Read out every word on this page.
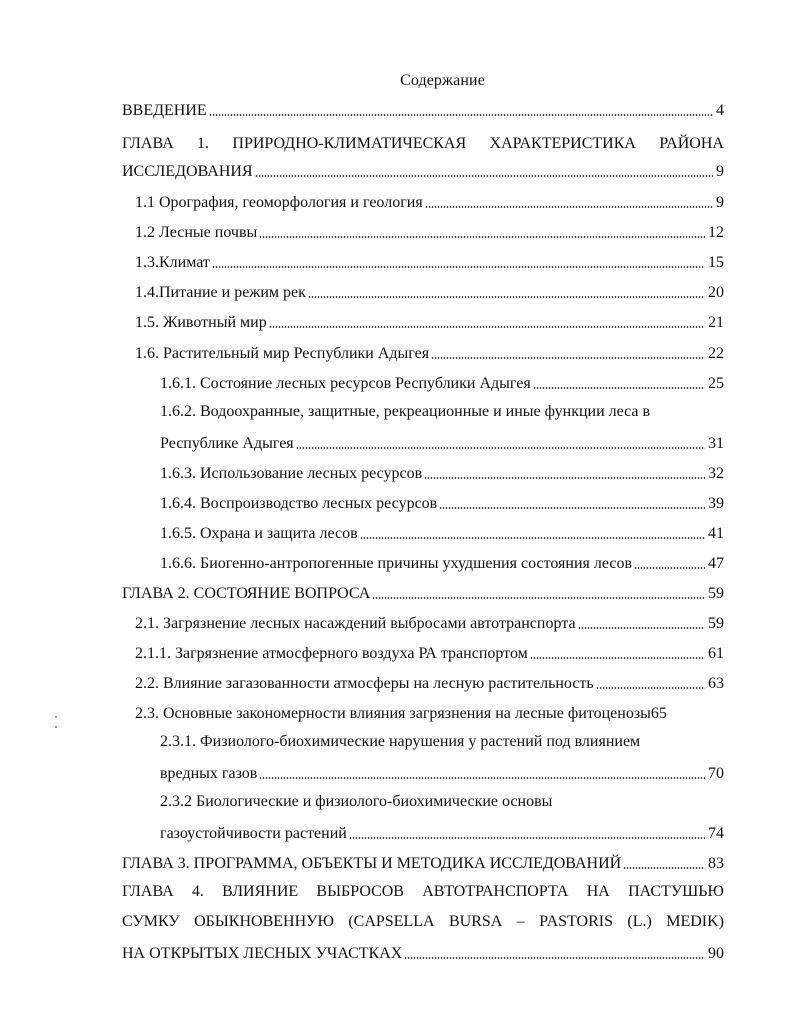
Содержание
ВВЕДЕНИЕ	4
ГЛАВА 1. ПРИРОДНО-КЛИМАТИЧЕСКАЯ ХАРАКТЕРИСТИКА РАЙОНА
ИССЛЕДОВАНИЯ	9
1.1 Орография, геоморфология и геология	9
1.2 Лесные почвы	12
1.3.Климат	15
1.4.Питание и режим рек	20
1.5. Животный мир	21
1.6. Растительный мир Республики Адыгея	22
1.6.1. Состояние лесных ресурсов Республики Адыгея	25
1.6.2. Водоохранные, защитные, рекреационные и иные функции леса в
Республике Адыгея	31
1.6.3. Использование лесных ресурсов	32
1.6.4. Воспроизводство лесных ресурсов	39
1.6.5. Охрана и защита лесов	41
1.6.6. Биогенно-антропогенные причины ухудшения состояния лесов	47
ГЛАВА 2. СОСТОЯНИЕ ВОПРОСА	59
2.1. Загрязнение лесных насаждений выбросами автотранспорта	59
2.1.1. Загрязнение атмосферного воздуха РА транспортом	61
2.2. Влияние загазованности атмосферы на лесную растительность	63
2.3. Основные закономерности влияния загрязнения на лесные фитоценозы 65
2.3.1. Физиолого-биохимические нарушения у растений под влиянием
вредных газов	70
2.3.2 Биологические и физиолого-биохимические основы
газоустойчивости растений	74
ГЛАВА 3. ПРОГРАММА, ОБЪЕКТЫ И МЕТОДИКА ИССЛЕДОВАНИЙ	83
ГЛАВА 4. ВЛИЯНИЕ ВЫБРОСОВ АВТОТРАНСПОРТА НА ПАСТУШЬЮ
СУМКУ ОБЫКНОВЕННУЮ (CAPSELLA BURSA – PASTORIS (L.) MEDIK)
НА ОТКРЫТЫХ ЛЕСНЫХ УЧАСТКАХ	90
